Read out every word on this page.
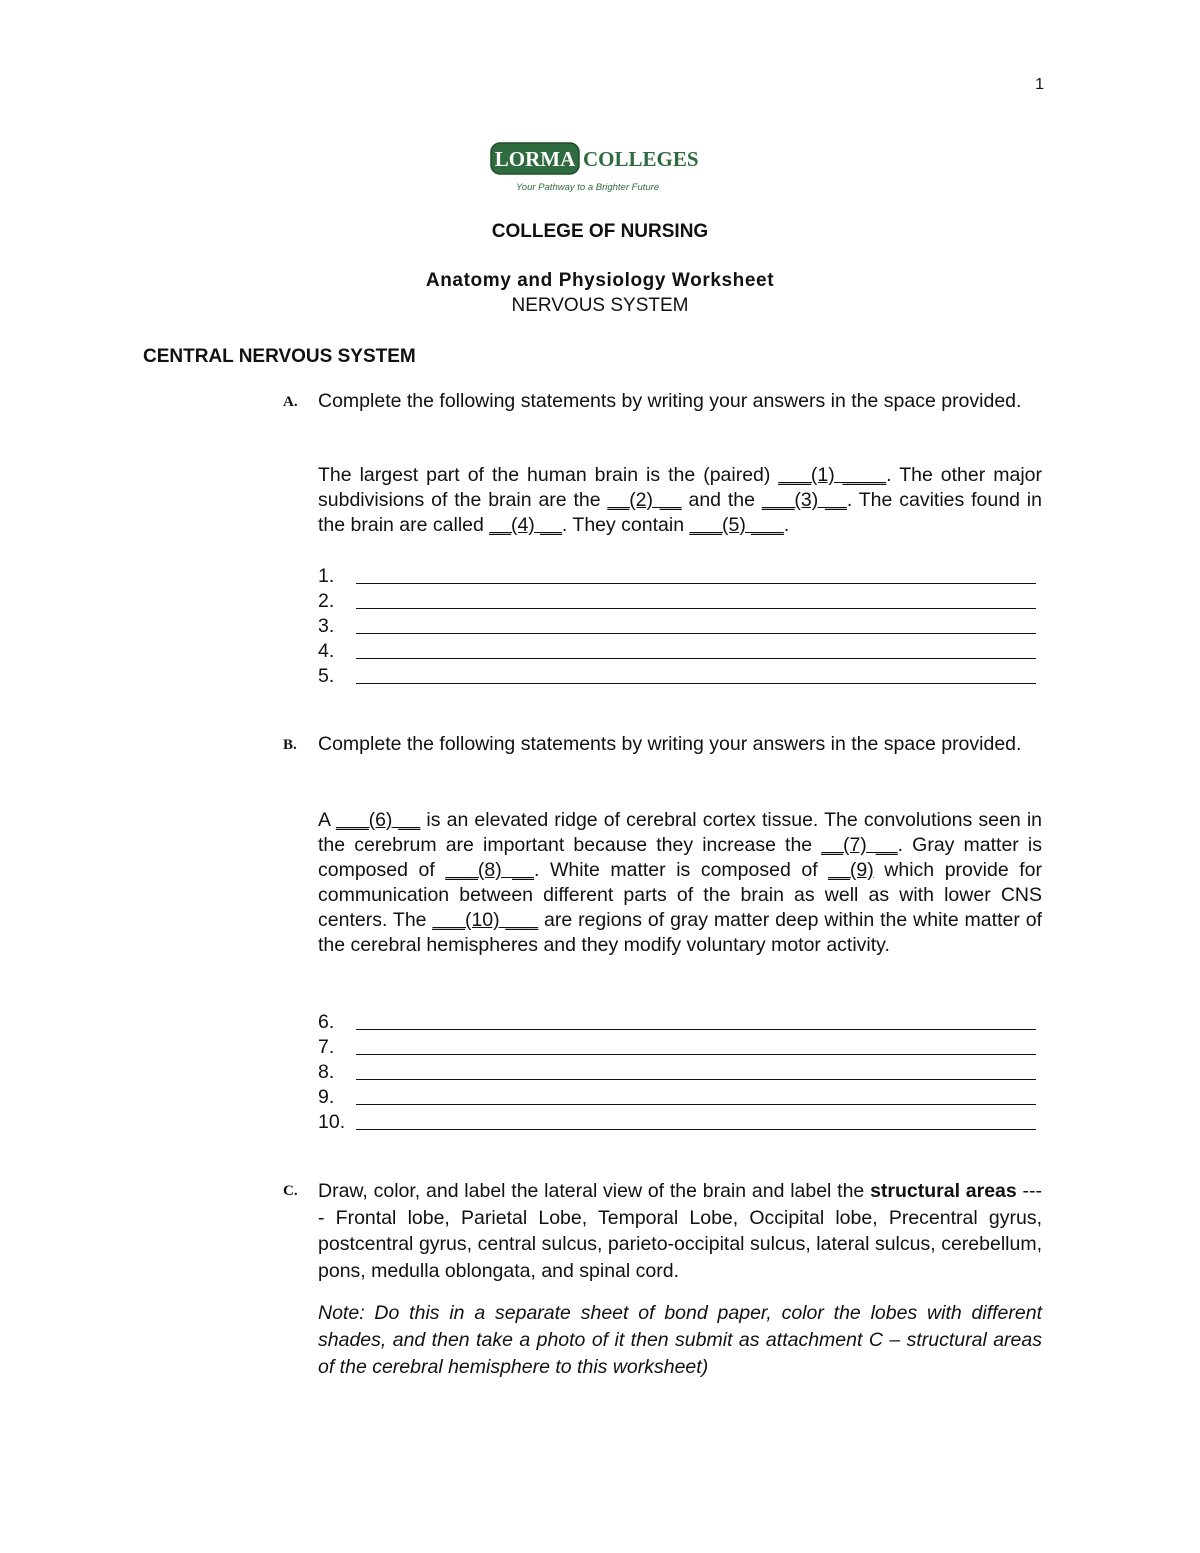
1
LORMA COLLEGES
Your Pathway to a Brighter Future
COLLEGE OF NURSING
Anatomy and Physiology Worksheet
NERVOUS SYSTEM
CENTRAL NERVOUS SYSTEM
A. Complete the following statements by writing your answers in the space provided.
The largest part of the human brain is the (paired) ___(1) ____. The other major subdivisions of the brain are the __(2) __ and the ___(3) __. The cavities found in the brain are called __(4) __. They contain ___(5) ___.
1.
2.
3.
4.
5.
B. Complete the following statements by writing your answers in the space provided.
A ___(6) __ is an elevated ridge of cerebral cortex tissue. The convolutions seen in the cerebrum are important because they increase the __(7) __. Gray matter is composed of ___(8) __. White matter is composed of __(9) which provide for communication between different parts of the brain as well as with lower CNS centers. The ___(10) ___ are regions of gray matter deep within the white matter of the cerebral hemispheres and they modify voluntary motor activity.
6.
7.
8.
9.
10.
C. Draw, color, and label the lateral view of the brain and label the structural areas ---- Frontal lobe, Parietal Lobe, Temporal Lobe, Occipital lobe, Precentral gyrus, postcentral gyrus, central sulcus, parieto-occipital sulcus, lateral sulcus, cerebellum, pons, medulla oblongata, and spinal cord.
Note: Do this in a separate sheet of bond paper, color the lobes with different shades, and then take a photo of it then submit as attachment C – structural areas of the cerebral hemisphere to this worksheet)
